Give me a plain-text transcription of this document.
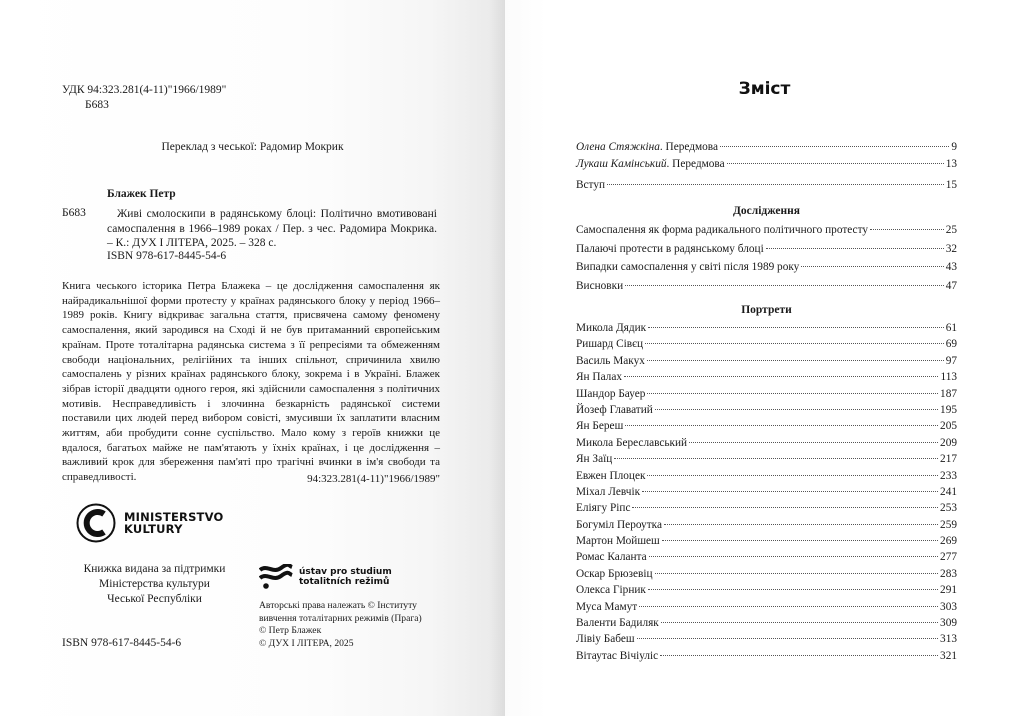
УДК 94:323.281(4-11)"1966/1989"
Б683
Переклад з чеської: Радомир Мокрик
Блажек Петр
Б683	Живі смолоскипи в радянському блоці: Політично вмотивовані самоспалення в 1966–1989 роках / Пер. з чес. Радомира Мокрика. – К.: ДУХ І ЛІТЕРА, 2025. – 328 с.
ISBN 978-617-8445-54-6
Книга чеського історика Петра Блажека – це дослідження самоспалення як найрадикальнішої форми протесту у країнах радянського блоку у період 1966–1989 років. Книгу відкриває загальна стаття, присвячена самому феномену самоспалення, який зародився на Сході й не був притаманний європейським країнам. Проте тоталітарна радянська система з її репресіями та обмеженням свободи національних, релігійних та інших спільнот, спричинила хвилю самоспалень у різних країнах радянського блоку, зокрема і в Україні. Блажек зібрав історії двадцяти одного героя, які здійснили самоспалення з політичних мотивів. Несправедливість і злочинна безкарність радянської системи поставили цих людей перед вибором совісті, змусивши їх заплатити власним життям, аби пробудити сонне суспільство. Мало кому з героїв книжки це вдалося, багатьох майже не пам'ятають у їхніх країнах, і це дослідження – важливий крок для збереження пам'яті про трагічні вчинки в ім'я свободи та справедливості.	94:323.281(4-11)"1966/1989"
MINISTERSTVO
KULTURY
Книжка видана за підтримки
Міністерства культури
Чеської Республіки
ústav pro studium
totalitních režimů
Авторські права належать © Інституту
вивчення тоталітарних режимів (Прага)
© Петр Блажек
© ДУХ І ЛІТЕРА, 2025
ISBN 978-617-8445-54-6
Зміст
Олена Стяжкіна. Передмова	9
Лукаш Камінський. Передмова	13
Вступ	15
Дослідження
Самоспалення як форма радикального політичного протесту	25
Палаючі протести в радянському блоці	32
Випадки самоспалення у світі після 1989 року	43
Висновки	47
Портрети
Микола Дядик	61
Ришард Сівєц	69
Василь Макух	97
Ян Палах	113
Шандор Бауер	187
Йозеф Главатий	195
Ян Береш	205
Микола Береславський	209
Ян Заїц	217
Евжен Плоцек	233
Міхал Левчік	241
Еліягу Ріпс	253
Богуміл Пероутка	259
Мартон Мойшеш	269
Ромас Каланта	277
Оскар Брюзевіц	283
Олекса Гірник	291
Муса Мамут	303
Валенти Бадиляк	309
Лівіу Бабеш	313
Вітаутас Вічіуліс	321
